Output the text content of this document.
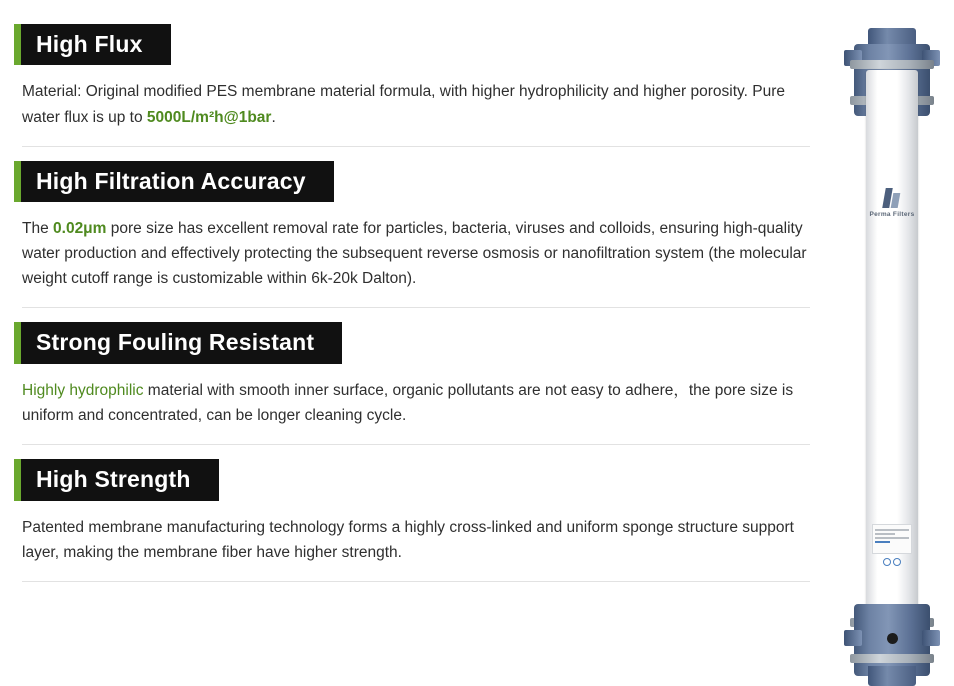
High Flux

Material: Original modified PES membrane material formula, with higher hydrophilicity and higher porosity. Pure water flux is up to 5000L/m²h@1bar.

High Filtration Accuracy

The 0.02μm pore size has excellent removal rate for particles, bacteria, viruses and colloids, ensuring high-quality water production and effectively protecting the subsequent reverse osmosis or nanofiltration system (the molecular weight cutoff range is customizable within 6k-20k Dalton).

Strong Fouling Resistant

Highly hydrophilic material with smooth inner surface, organic pollutants are not easy to adhere，the pore size is uniform and concentrated, can be longer cleaning cycle.

High Strength

Patented membrane manufacturing technology forms a highly cross-linked and uniform sponge structure support layer, making the membrane fiber have higher strength.

Perma Filters
